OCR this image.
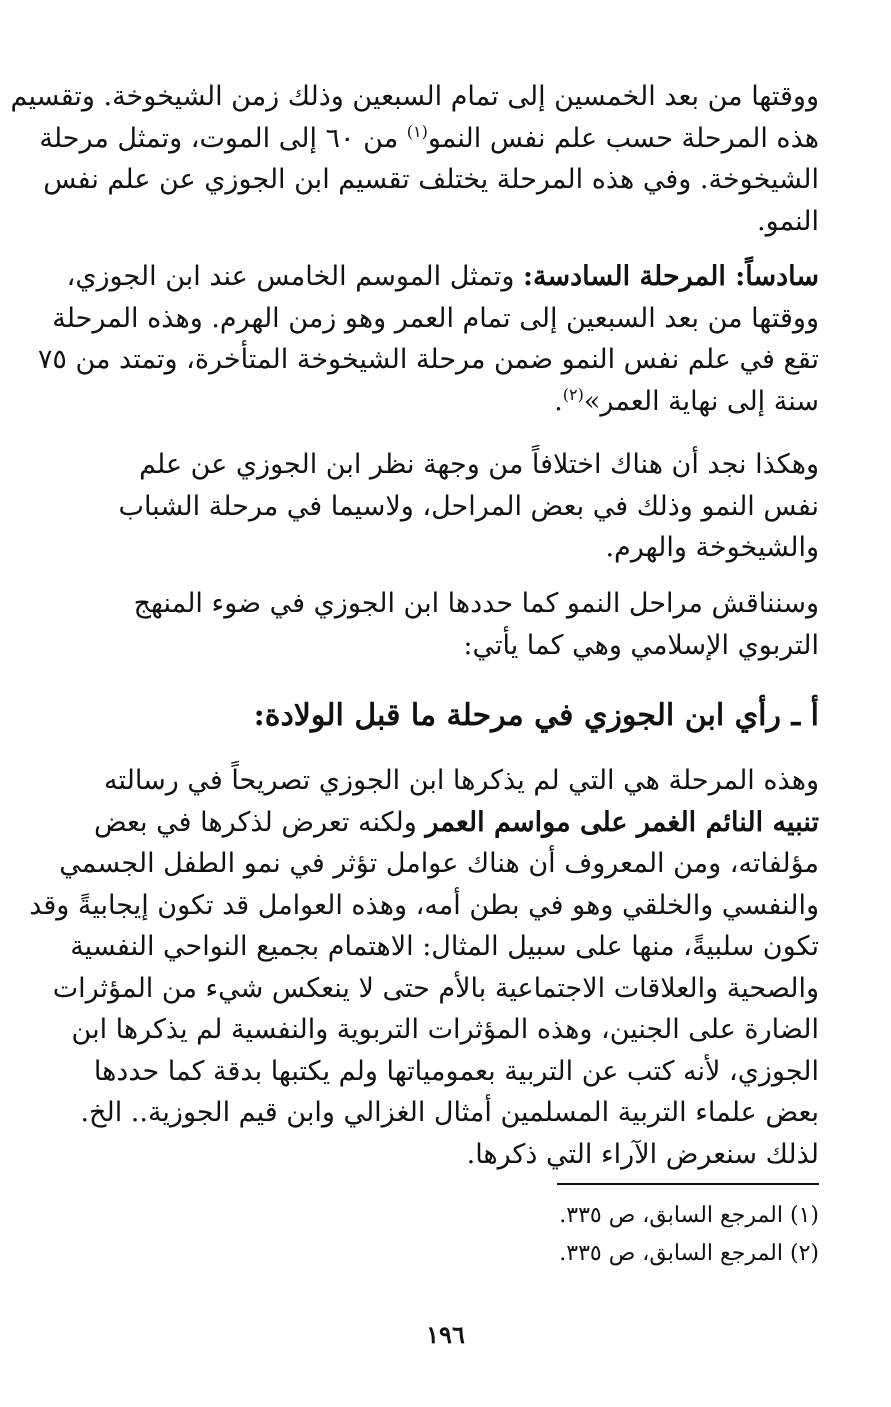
ووقتها من بعد الخمسين إلى تمام السبعين وذلك زمن الشيخوخة. وتقسيم
هذه المرحلة حسب علم نفس النمو$^{(١)}$ من ٦٠ إلى الموت، وتمثل مرحلة
الشيخوخة. وفي هذه المرحلة يختلف تقسيم ابن الجوزي عن علم نفس
النمو.
سادساً: المرحلة السادسة: وتمثل الموسم الخامس عند ابن الجوزي،
ووقتها من بعد السبعين إلى تمام العمر وهو زمن الهرم. وهذه المرحلة
تقع في علم نفس النمو ضمن مرحلة الشيخوخة المتأخرة، وتمتد من ٧٥
سنة إلى نهاية العمر»$^{(٢)}$.
وهكذا نجد أن هناك اختلافاً من وجهة نظر ابن الجوزي عن علم
نفس النمو وذلك في بعض المراحل، ولاسيما في مرحلة الشباب
والشيخوخة والهرم.
وسنناقش مراحل النمو كما حددها ابن الجوزي في ضوء المنهج
التربوي الإسلامي وهي كما يأتي:
أ ـ رأي ابن الجوزي في مرحلة ما قبل الولادة:
وهذه المرحلة هي التي لم يذكرها ابن الجوزي تصريحاً في رسالته
تنبيه النائم الغمر على مواسم العمر ولكنه تعرض لذكرها في بعض
مؤلفاته، ومن المعروف أن هناك عوامل تؤثر في نمو الطفل الجسمي
والنفسي والخلقي وهو في بطن أمه، وهذه العوامل قد تكون إيجابيةً وقد
تكون سلبيةً، منها على سبيل المثال: الاهتمام بجميع النواحي النفسية
والصحية والعلاقات الاجتماعية بالأم حتى لا ينعكس شيء من المؤثرات
الضارة على الجنين، وهذه المؤثرات التربوية والنفسية لم يذكرها ابن
الجوزي، لأنه كتب عن التربية بعمومياتها ولم يكتبها بدقة كما حددها
بعض علماء التربية المسلمين أمثال الغزالي وابن قيم الجوزية.. الخ.
لذلك سنعرض الآراء التي ذكرها.
(١) المرجع السابق، ص ٣٣٥.
(٢) المرجع السابق، ص ٣٣٥.
١٩٦
